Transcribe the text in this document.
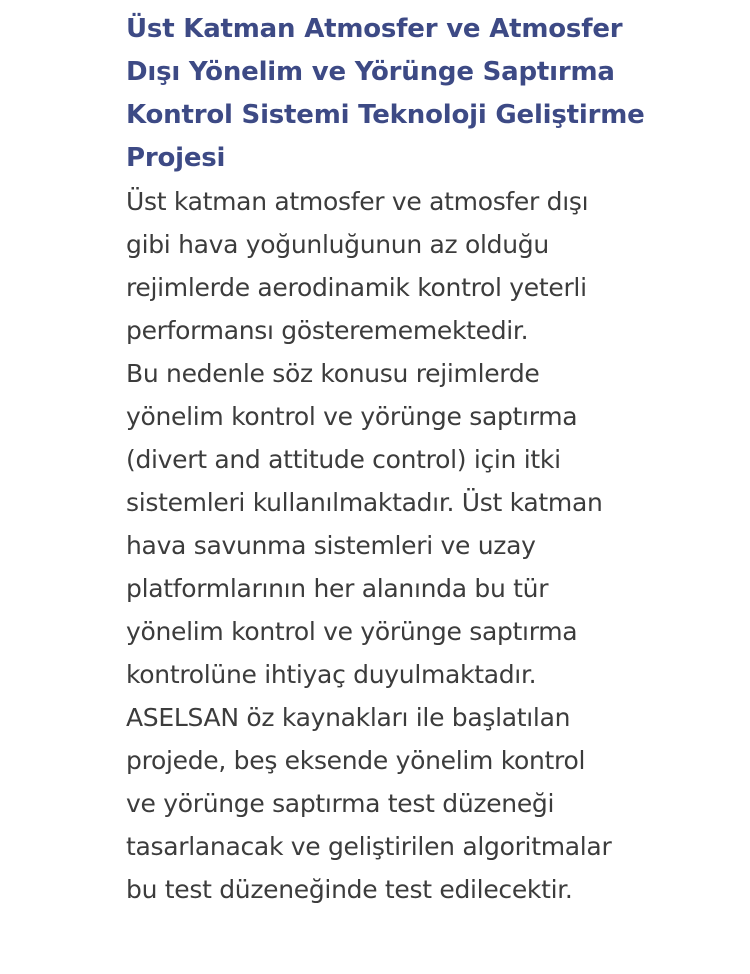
Üst Katman Atmosfer ve Atmosfer
Dışı Yönelim ve Yörünge Saptırma
Kontrol Sistemi Teknoloji Geliştirme
Projesi

Üst katman atmosfer ve atmosfer dışı
gibi hava yoğunluğunun az olduğu
rejimlerde aerodinamik kontrol yeterli
performansı gösterememektedir.
Bu nedenle söz konusu rejimlerde
yönelim kontrol ve yörünge saptırma
(divert and attitude control) için itki
sistemleri kullanılmaktadır. Üst katman
hava savunma sistemleri ve uzay
platformlarının her alanında bu tür
yönelim kontrol ve yörünge saptırma
kontrolüne ihtiyaç duyulmaktadır.
ASELSAN öz kaynakları ile başlatılan
projede, beş eksende yönelim kontrol
ve yörünge saptırma test düzeneği
tasarlanacak ve geliştirilen algoritmalar
bu test düzeneğinde test edilecektir.
